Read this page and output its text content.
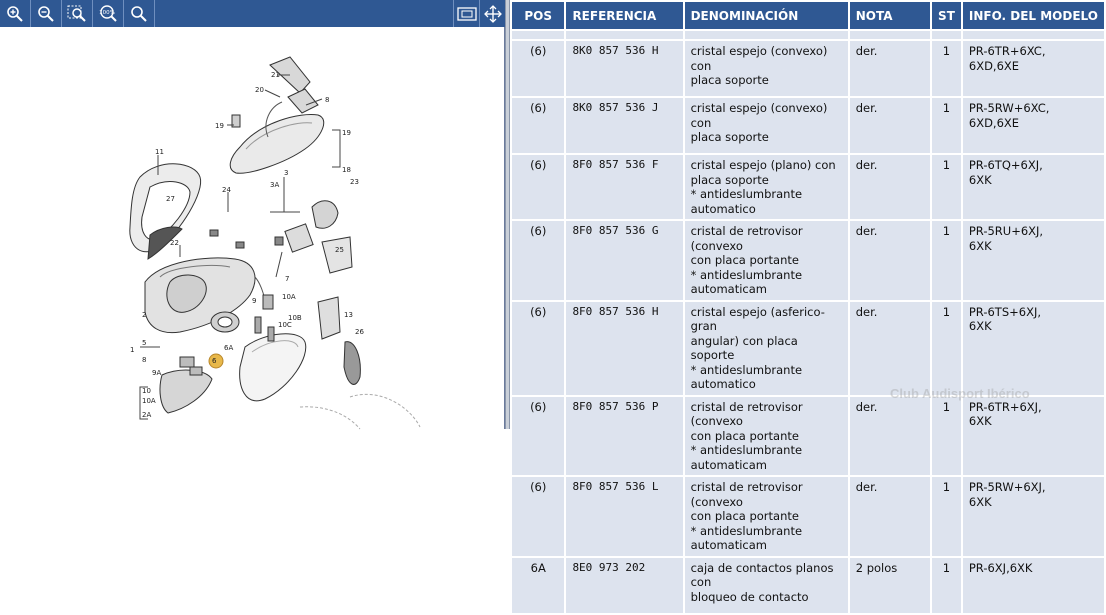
100%
21
20
8
19
19
18
11
22
27
24
3
3A
7
23
25
10A
9
10B
10C
13
26
1
2
5
6A
6
8
9A
10
10A
2A
POS	REFERENCIA	DENOMINACIÓN	NOTA	ST	INFO. DEL MODELO

(6)	8K0 857 536 H	cristal espejo (convexo) con
placa soporte	der.	1	PR-6TR+6XC,
6XD,6XE

(6)	8K0 857 536 J	cristal espejo (convexo) con
placa soporte	der.	1	PR-5RW+6XC,
6XD,6XE

(6)	8F0 857 536 F	cristal espejo (plano) con
placa soporte
* antideslumbrante automatico	der.	1	PR-6TQ+6XJ,
6XK

(6)	8F0 857 536 G	cristal de retrovisor (convexo
con placa portante
* antideslumbrante automaticam	der.	1	PR-5RU+6XJ,
6XK

(6)	8F0 857 536 H	cristal espejo (asferico-gran
angular) con placa soporte
* antideslumbrante automatico	der.	1	PR-6TS+6XJ,
6XK

(6)	8F0 857 536 P	cristal de retrovisor (convexo
con placa portante
* antideslumbrante automaticam	der.	1	PR-6TR+6XJ,
6XK

(6)	8F0 857 536 L	cristal de retrovisor (convexo
con placa portante
* antideslumbrante automaticam	der.	1	PR-5RW+6XJ,
6XK

6A	8E0 973 202	caja de contactos planos con
bloqueo de contacto	2 polos	1	PR-6XJ,6XK
Club Audisport Ibérico
